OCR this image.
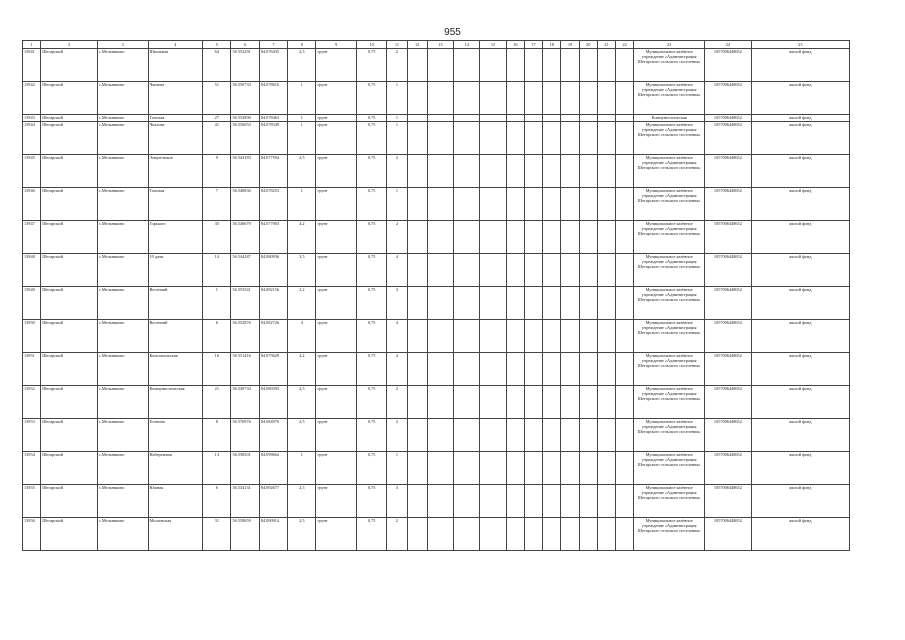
955
1	2	3	4	5	6	7	8	9	10	11	12	13	14	15	16	17	18	19	20	21	22	23	24	25
13941	Шегарский	с.Мельниково	Школьная	64	56.552291	84.076435	2,5	грунт	0,75	2												Муниципальное казённое учреждение «Администрация Шегарского сельского поселения»	1057006448652	жилой фонд
13942	Шегарский	с.Мельниково	Чапаева	51	56.550733	84.078616	1	грунт	0,75	1												Муниципальное казённое учреждение «Администрация Шегарского сельского поселения»	1057006448652	жилой фонд
13943	Шегарский	с.Мельниково	Томская	27	56.552890	84.078463	1	грунт	0,75	1												Коммунистическая	1057006448652	жилой фонд
13944	Шегарский	с.Мельниково	Чкалова	41	56.556053	84.078349	1	грунт	0,75	1												Муниципальное казённое учреждение «Администрация Шегарского сельского поселения»	1057006448652	жилой фонд
13945	Шегарский	с.Мельниково	Энергетиков	9	56.543183	84.077594	2,5	грунт	0,75	2												Муниципальное казённое учреждение «Администрация Шегарского сельского поселения»	1057006448652	жилой фонд
13946	Шегарский	с.Мельниково	Томская	7	56.548836	84.078253	1	грунт	0,75	1												Муниципальное казённое учреждение «Администрация Шегарского сельского поселения»	1057006448652	жилой фонд
13947	Шегарский	с.Мельниково	Горького	35	56.546679	84.077903	4,2	грунт	0,75	2												Муниципальное казённое учреждение «Администрация Шегарского сельского поселения»	1057006448652	жилой фонд
13948	Шегарский	с.Мельниково	10 дачи	14	56.544287	84.080936	3,5	грунт	0,75	4												Муниципальное казённое учреждение «Администрация Шегарского сельского поселения»	1057006448652	жилой фонд
13949	Шегарский	с.Мельниково	Весенний	1	56.553541	84.082156	2,2	грунт	0,75	3												Муниципальное казённое учреждение «Администрация Шегарского сельского поселения»	1057006448652	жилой фонд
13950	Шегарский	с.Мельниково	Весенний	6	56.552876	84.082726	4	грунт	0,75	4												Муниципальное казённое учреждение «Администрация Шегарского сельского поселения»	1057006448652	жилой фонд
13951	Шегарский	с.Мельниково	Комсомольская	16	56.551416	84.073629	4,2	грунт	0,75	4												Муниципальное казённое учреждение «Администрация Шегарского сельского поселения»	1057006448652	жилой фонд
13952	Шегарский	с.Мельниково	Коммунистическая	21	56.549734	84.080393	2,5	грунт	0,75	2												Муниципальное казённое учреждение «Администрация Шегарского сельского поселения»	1057006448652	жилой фонд
13953	Шегарский	с.Мельниково	Есенина	8	56.576976	84.084970	2,5	грунт	0,75	2												Муниципальное казённое учреждение «Администрация Шегарского сельского поселения»	1057006448652	жилой фонд
13954	Шегарский	с.Мельниково	Набережная	13	56.558501	84.099664	1	грунт	0,75	1												Муниципальное казённое учреждение «Администрация Шегарского сельского поселения»	1057006448652	жилой фонд
13955	Шегарский	с.Мельниково	Южная	6	56.534131	84.092677	2,5	грунт	0,75	3												Муниципальное казённое учреждение «Администрация Шегарского сельского поселения»	1057006448652	жилой фонд
13956	Шегарский	с.Мельниково	Московская	31	56.558659	84.090914	2,5	грунт	0,75	2												Муниципальное казённое учреждение «Администрация Шегарского сельского поселения»	1057006448652	жилой фонд
